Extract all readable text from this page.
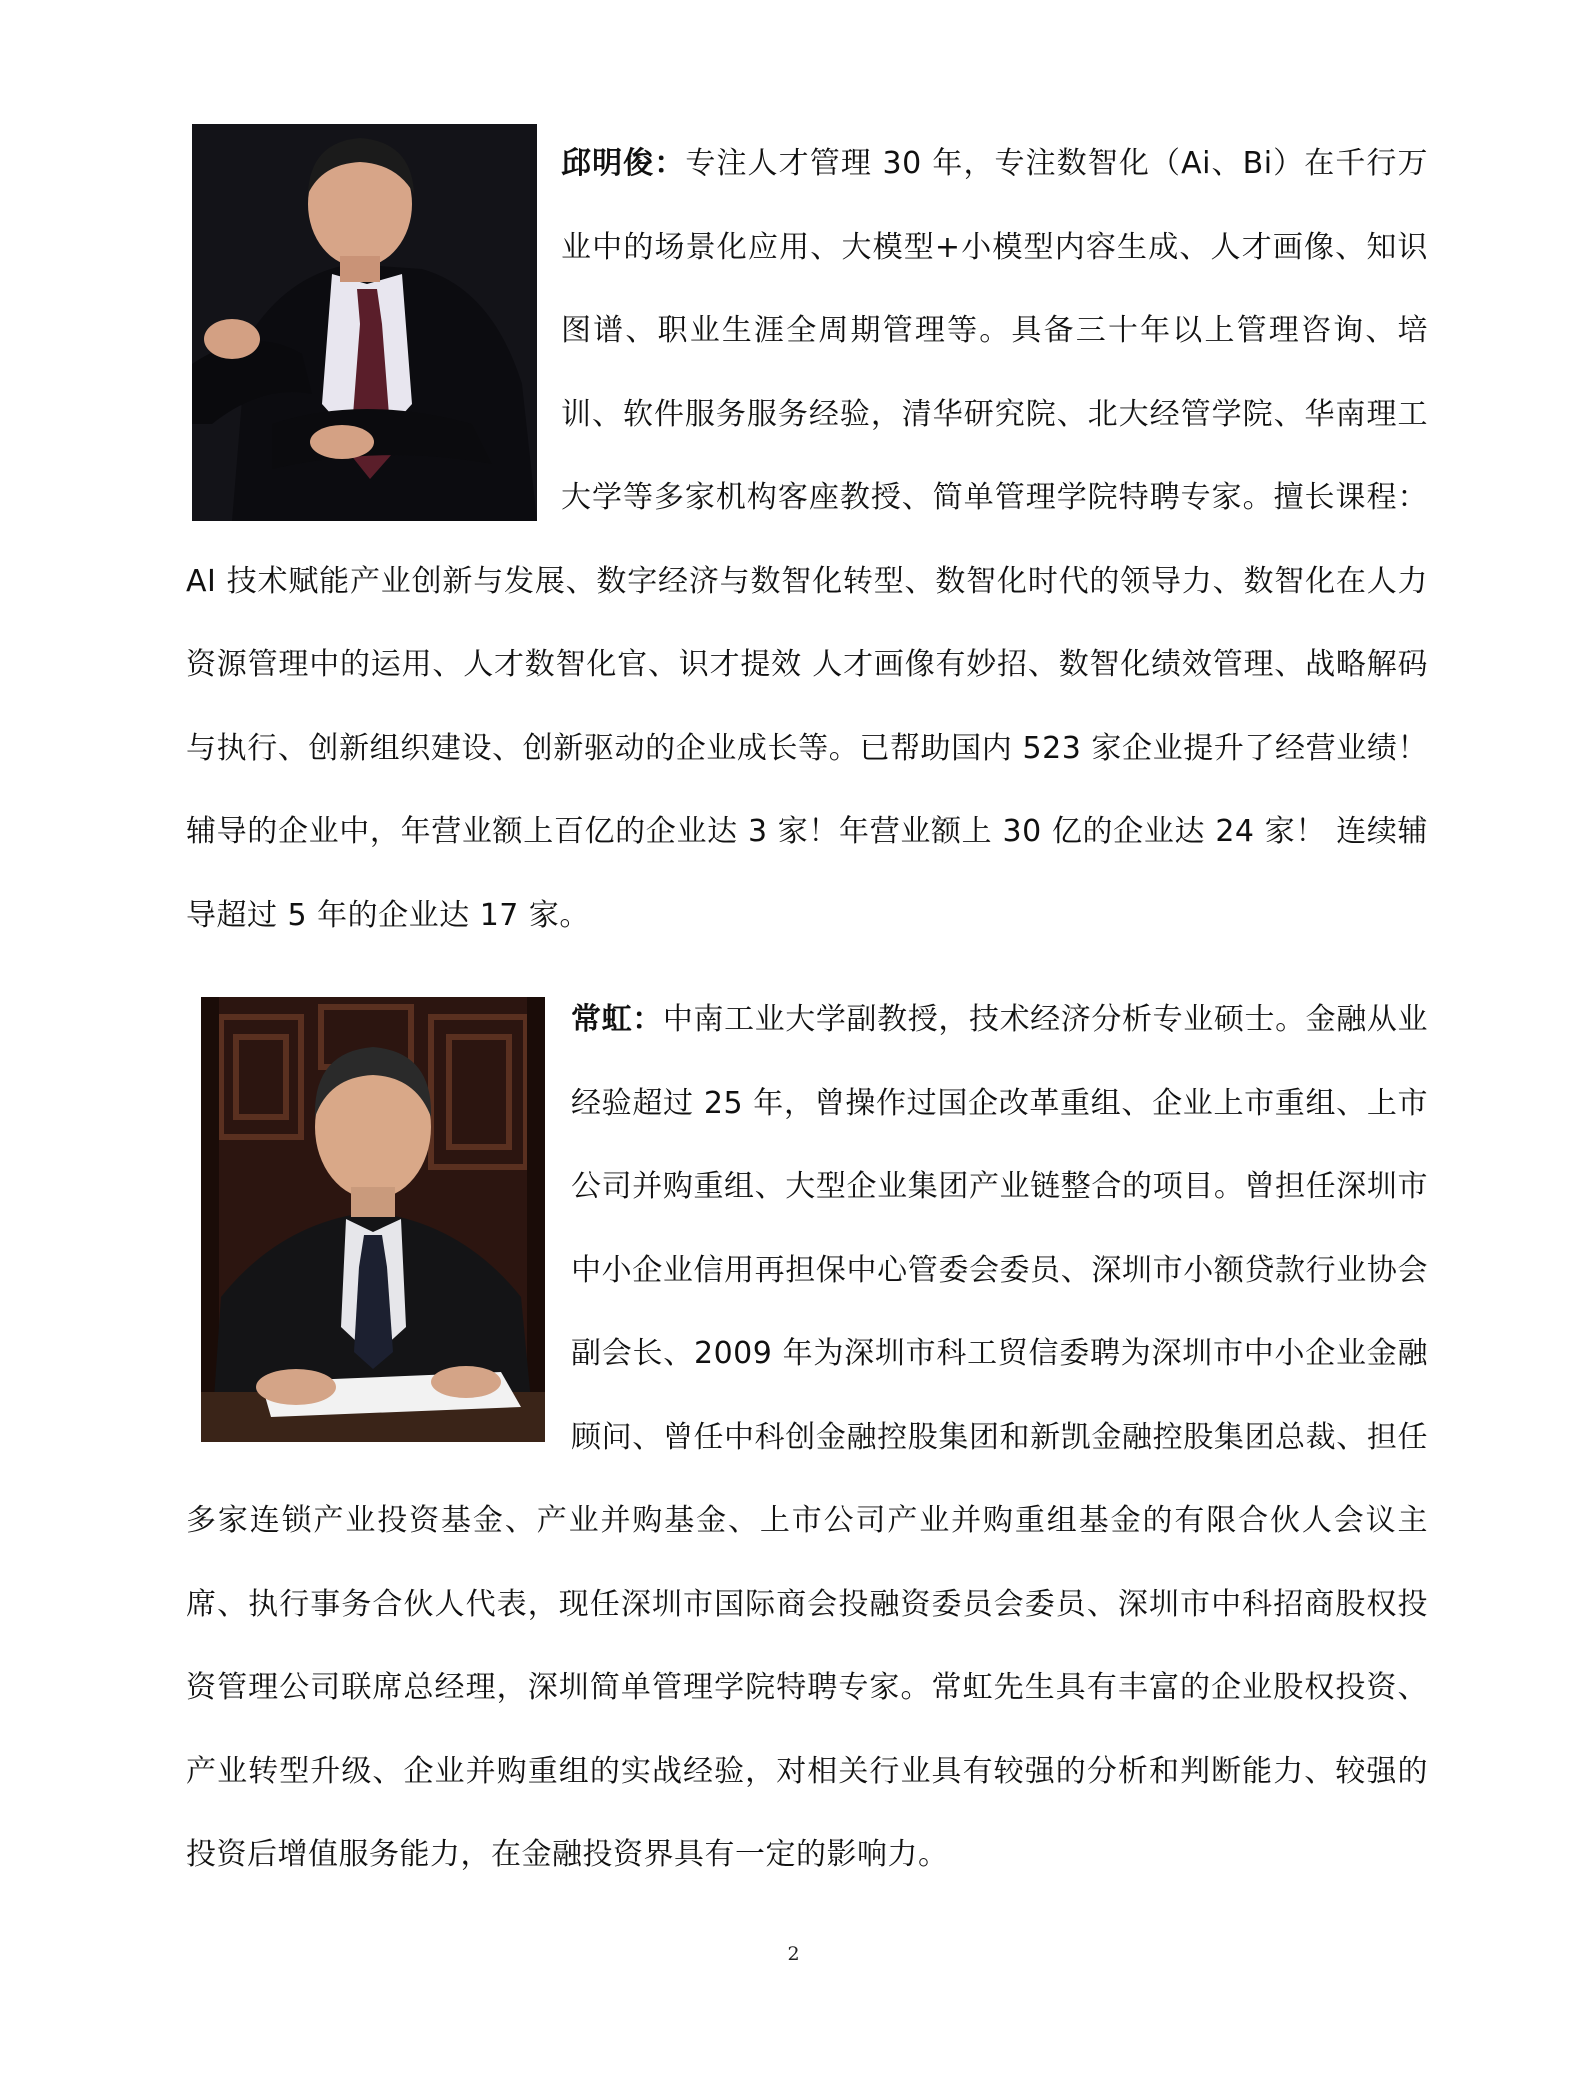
邱明俊：专注人才管理 30 年，专注数智化（Ai、Bi）在千行万业中的场景化应用、大模型+小模型内容生成、人才画像、知识图谱、职业生涯全周期管理等。具备三十年以上管理咨询、培训、软件服务服务经验，清华研究院、北大经管学院、华南理工大学等多家机构客座教授、简单管理学院特聘专家。擅长课程：AI 技术赋能产业创新与发展、数字经济与数智化转型、数智化时代的领导力、数智化在人力资源管理中的运用、人才数智化官、识才提效 人才画像有妙招、数智化绩效管理、战略解码与执行、创新组织建设、创新驱动的企业成长等。已帮助国内 523 家企业提升了经营业绩！辅导的企业中，年营业额上百亿的企业达 3 家！年营业额上 30 亿的企业达 24 家！ 连续辅导超过 5 年的企业达 17 家。

常虹：中南工业大学副教授，技术经济分析专业硕士。金融从业经验超过 25 年，曾操作过国企改革重组、企业上市重组、上市公司并购重组、大型企业集团产业链整合的项目。曾担任深圳市中小企业信用再担保中心管委会委员、深圳市小额贷款行业协会副会长、2009 年为深圳市科工贸信委聘为深圳市中小企业金融顾问、曾任中科创金融控股集团和新凯金融控股集团总裁、担任多家连锁产业投资基金、产业并购基金、上市公司产业并购重组基金的有限合伙人会议主席、执行事务合伙人代表，现任深圳市国际商会投融资委员会委员、深圳市中科招商股权投资管理公司联席总经理，深圳简单管理学院特聘专家。常虹先生具有丰富的企业股权投资、产业转型升级、企业并购重组的实战经验，对相关行业具有较强的分析和判断能力、较强的投资后增值服务能力，在金融投资界具有一定的影响力。

2
